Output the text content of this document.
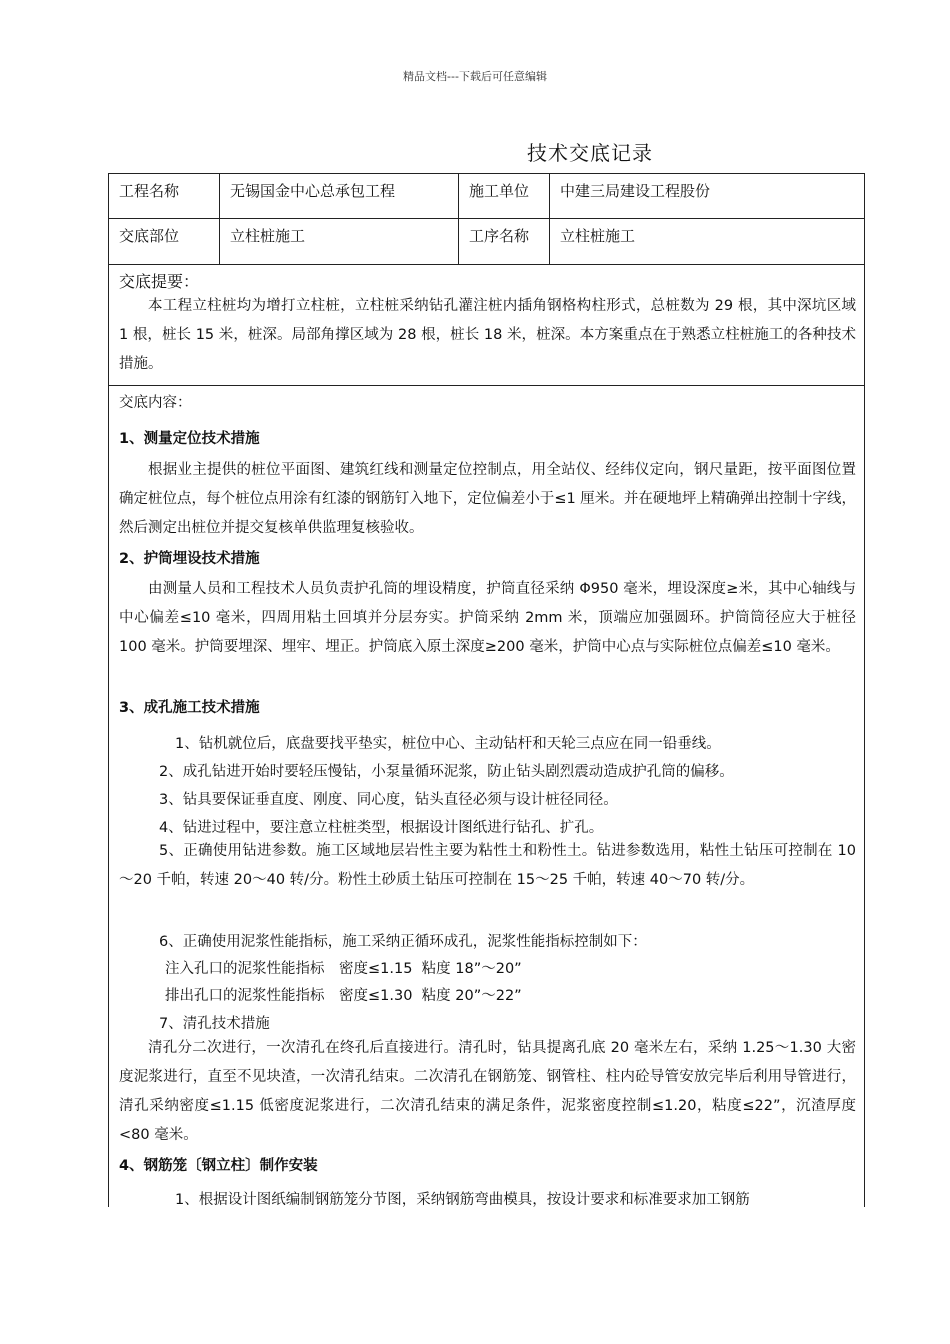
精品文档---下载后可任意编辑
技术交底记录
工程名称	无锡国金中心总承包工程	施工单位	中建三局建设工程股份
交底部位	立柱桩施工	工序名称	立柱桩施工
交底提要：
本工程立柱桩均为增打立柱桩，立柱桩采纳钻孔灌注桩内插角钢格构柱形式，总桩数为 29 根，其中深坑区域 1 根，桩长 15 米，桩深。局部角撑区域为 28 根，桩长 18 米，桩深。本方案重点在于熟悉立柱桩施工的各种技术措施。
交底内容：
1、测量定位技术措施
根据业主提供的桩位平面图、建筑红线和测量定位控制点，用全站仪、经纬仪定向，钢尺量距，按平面图位置确定桩位点，每个桩位点用涂有红漆的钢筋钉入地下，定位偏差小于≤1 厘米。并在硬地坪上精确弹出控制十字线，然后测定出桩位并提交复核单供监理复核验收。
2、护筒埋设技术措施
由测量人员和工程技术人员负责护孔筒的埋设精度，护筒直径采纳 Φ950 毫米，埋设深度≥米，其中心轴线与中心偏差≤10 毫米，四周用粘土回填并分层夯实。护筒采纳 2mm 米，顶端应加强圆环。护筒筒径应大于桩径 100 毫米。护筒要埋深、埋牢、埋正。护筒底入原土深度≥200 毫米，护筒中心点与实际桩位点偏差≤10 毫米。
3、成孔施工技术措施
1、钻机就位后，底盘要找平垫实，桩位中心、主动钻杆和天轮三点应在同一铅垂线。
2、成孔钻进开始时要轻压慢钻，小泵量循环泥浆，防止钻头剧烈震动造成护孔筒的偏移。
3、钻具要保证垂直度、刚度、同心度，钻头直径必须与设计桩径同径。
4、钻进过程中，要注意立柱桩类型，根据设计图纸进行钻孔、扩孔。
5、正确使用钻进参数。施工区域地层岩性主要为粘性土和粉性土。钻进参数选用，粘性土钻压可控制在 10～20 千帕，转速 20～40 转/分。粉性土砂质土钻压可控制在 15～25 千帕，转速 40～70 转/分。
6、正确使用泥浆性能指标，施工采纳正循环成孔，泥浆性能指标控制如下：
注入孔口的泥浆性能指标　密度≤1.15  粘度 18”～20”
排出孔口的泥浆性能指标　密度≤1.30  粘度 20”～22”
7、清孔技术措施
清孔分二次进行，一次清孔在终孔后直接进行。清孔时，钻具提离孔底 20 毫米左右，采纳 1.25～1.30 大密度泥浆进行，直至不见块渣，一次清孔结束。二次清孔在钢筋笼、钢管柱、柱内砼导管安放完毕后利用导管进行，清孔采纳密度≤1.15 低密度泥浆进行，二次清孔结束的满足条件，泥浆密度控制≤1.20，粘度≤22”，沉渣厚度<80 毫米。
4、钢筋笼〔钢立柱〕制作安装
1、根据设计图纸编制钢筋笼分节图，采纳钢筋弯曲模具，按设计要求和标准要求加工钢筋
